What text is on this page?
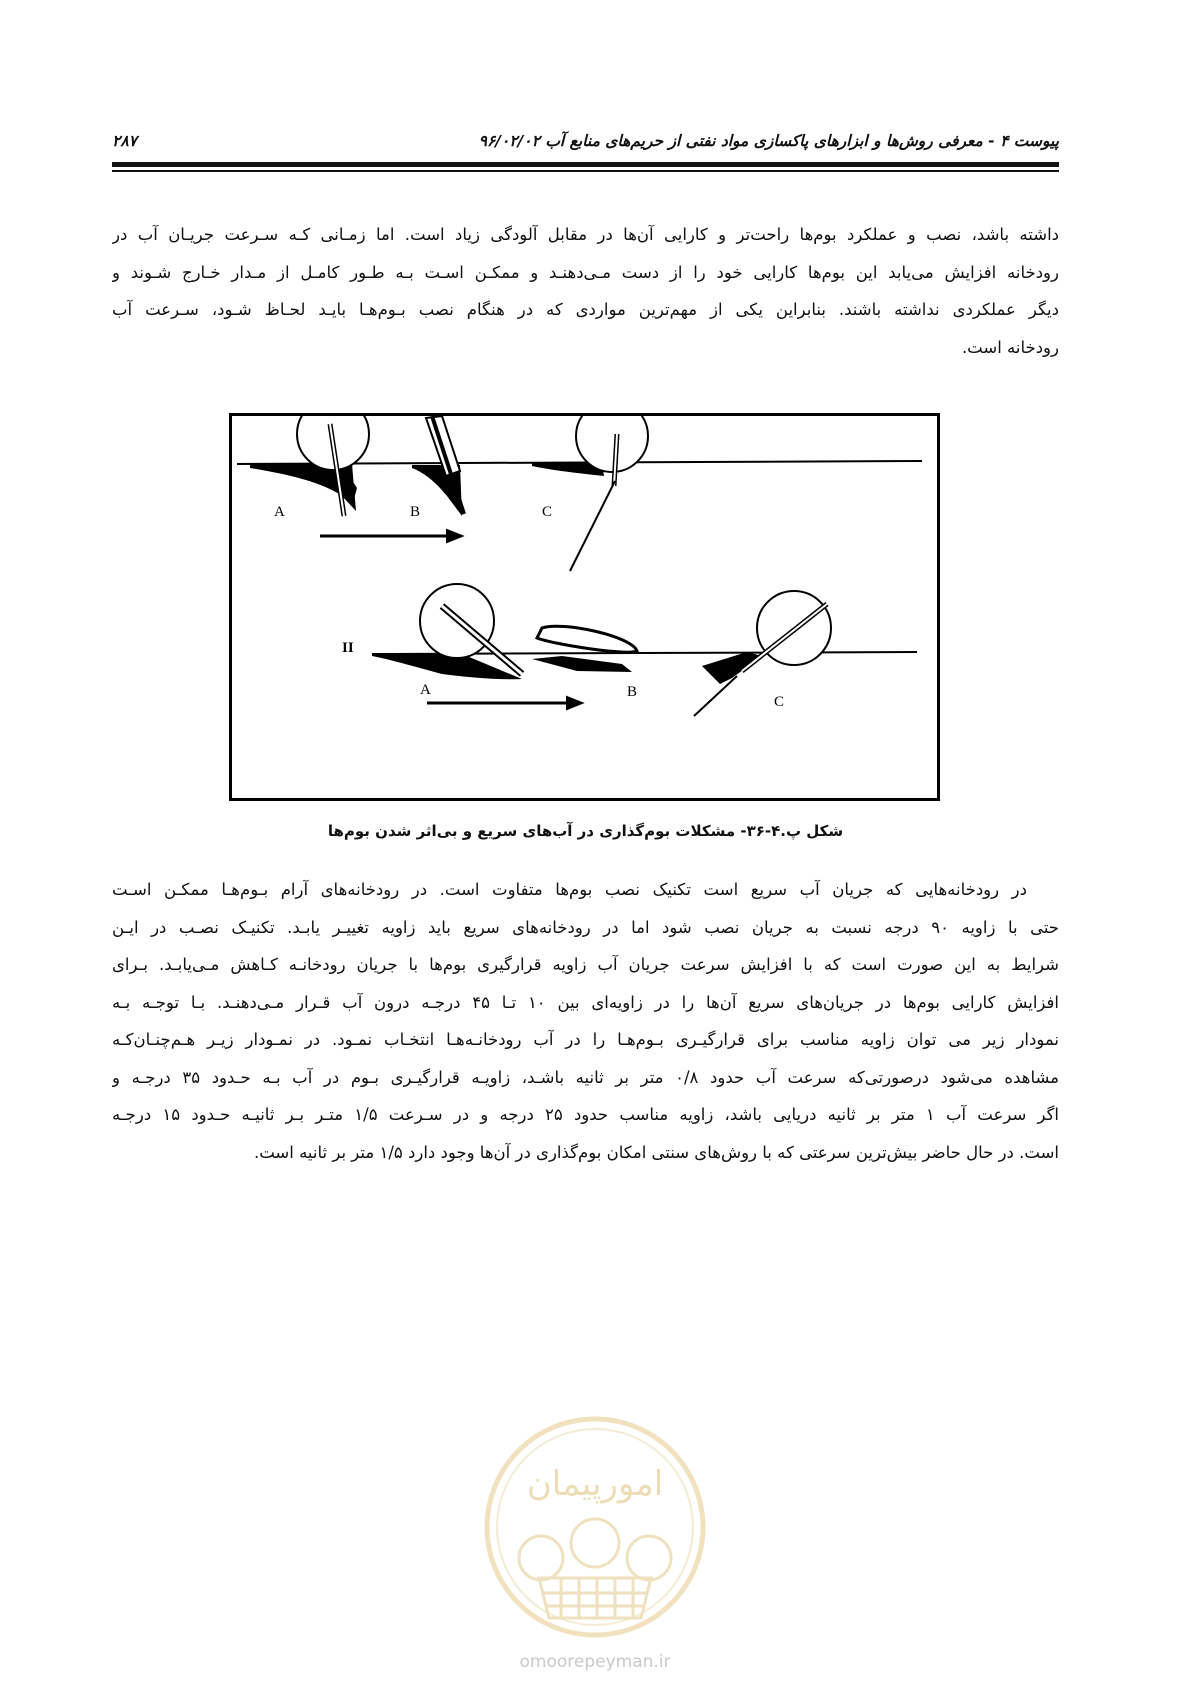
پیوست ۴ - معرفی روش‌ها و ابزارهای پاکسازی مواد نفتی از حریم‌های منابع آب ۹۶/۰۲/۰۲
۲۸۷
داشته باشد، نصب و عملکرد بوم‌ها راحت‌تر و کارایی آن‌ها در مقابل آلودگی زیاد است. اما زمـانی کـه سـرعت جریـان آب در
رودخانه افزایش می‌یابد این بوم‌ها کارایی خود را از دست مـی‌دهنـد و ممکـن اسـت بـه طـور کامـل از مـدار خـارج شـوند و
دیگر عملکردی نداشته باشند. بنابراین یکی از مهم‌ترین مواردی که در هنگام نصب بـوم‌هـا بایـد لحـاظ شـود، سـرعت آب
رودخانه است.
A	B	C
II
A	B
C
شکل پ.۴-۳۶- مشکلات بوم‌گذاری در آب‌های سریع و بی‌اثر شدن بوم‌ها
در رودخانه‌هایی که جریان آب سریع است تکنیک نصب بوم‌ها متفاوت است. در رودخانه‌های آرام بـوم‌هـا ممکـن اسـت
حتی با زاویه ۹۰ درجه نسبت به جریان نصب شود اما در رودخانه‌های سریع باید زاویه تغییـر یابـد. تکنیـک نصـب در ایـن
شرایط به این صورت است که با افزایش سرعت جریان آب زاویه قرارگیری بوم‌ها با جریان رودخانـه کـاهش مـی‌یابـد. بـرای
افزایش کارایی بوم‌ها در جریان‌های سریع آن‌ها را در زاویه‌ای بین ۱۰ تـا ۴۵ درجـه درون آب قـرار مـی‌دهنـد. بـا توجـه بـه
نمودار زیر می توان زاویه مناسب برای قرارگیـری بـوم‌هـا را در آب رودخانـه‌هـا انتخـاب نمـود. در نمـودار زیـر هـم‌چنـان‌کـه
مشاهده می‌شود درصورتی‌که سرعت آب حدود ۰/۸ متر بر ثانیه باشـد، زاویـه قرارگیـری بـوم در آب بـه حـدود ۳۵ درجـه و
اگر سرعت آب ۱ متر بر ثانیه دریایی باشد، زاویه مناسب حدود ۲۵ درجه و در سـرعت ۱/۵ متـر بـر ثانیـه حـدود ۱۵ درجـه
است. در حال حاضر بیش‌ترین سرعتی که با روش‌های سنتی امکان بوم‌گذاری در آن‌ها وجود دارد ۱/۵ متر بر ثانیه است.
امورپیمان
omoorepeyman.ir
